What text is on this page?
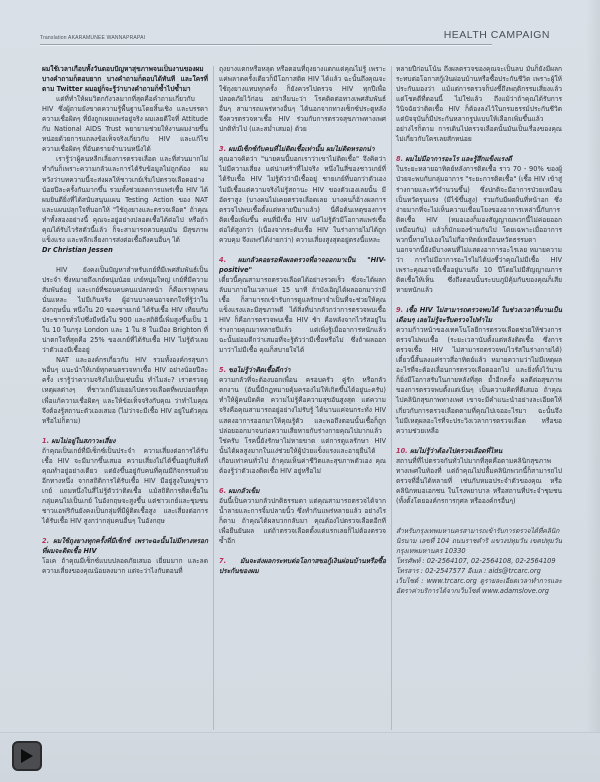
Translation AKARAMUNEE WANNAPRAPAI	HEALTH CAMPAIGN

ผมใช้เวลาเกือบทั้งวันตอบปัญหาสุขภาพจนเป็นงานของผม บางคำถามก็ตอบยาก บางคำถามก็ตอบได้ทันที และใครที่ตาม Twitter ผมอยู่ก็จะรู้ว่าบางคำถามก็ซ้ำไปซ้ำมา

แต่ที่ทำให้ผมวิตกกังวลมากที่สุดคือคำถามเกี่ยวกับ HIV ซึ่งผู้ถามยังขาดความรู้พื้นฐานโดยสิ้นเชิง และบรรดาความเชื่อผิดๆ ที่ยังถูกเผยแพร่อยู่จริง ผมเลยดีใจที่ Attitude กับ National AIDS Trust พยายามช่วยให้งานผมง่ายขึ้นหน่อยด้วยการแถลงข้อเท็จจริงเกี่ยวกับ HIV และแก้ไขความเชื่อผิดๆ ที่อันตรายจำนวนหนึ่งได้

เรารู้ว่าผู้คนหลีกเลี่ยงการตรวจเลือด และที่ส่วนมากไม่ทำกันก็เพราะความกลัวและการได้รับข้อมูลไม่ถูกต้อง ผมหวังว่าบทความนี้จะส่งผลให้ชาวเกย์เริ่มไปตรวจเลือดอย่างน้อยปีละครั้งกันมากขึ้น รวมทั้งช่วยลดการแพร่เชื้อ HIV ได้ ผมยินดียิ่งที่ได้สนับสนุนแผน Testing Action ของ NAT และแผนปลุกใจที่บอกให้ "ใช้ถุงยางและตรวจเลือด" ถ้าคุณทำทั้งสองอย่างนี้ คุณจะอยู่อย่างปลอดเชื้อได้ต่อไป หรือถ้าคุณได้รับไวรัสตัวนี้แล้ว ก็จะสามารถควบคุมมัน มีสุขภาพแข็งแรง และหลีกเลี่ยงการส่งต่อเชื้อถึงคนอื่นๆ ได้

Dr Christian Jessen

HIV ยังคงเป็นปัญหาสำหรับเกย์ที่มีเพศสัมพันธ์เป็นประจำ ซึ่งหมายถึงเกย์หนุ่มน้อย เกย์หนุ่มใหญ่ เกย์ที่มีความสัมพันธ์อยู่ และเกย์ที่ชอบคบคนแปลกหน้า ก็คือเราทุกคนนั่นแหละ ไม่มีเกินจริง ผู้อ่านบางคนอาจตกใจที่รู้ว่าในอังกฤษนั้น หนึ่งใน 20 ของชายเกย์ ได้รับเชื้อ HIV เทียบกับประชากรทั่วไปซึ่งมีหนึ่งใน 900 และสถิตินี้เพิ่มสูงขึ้นเป็น 1 ใน 10 ในกรุง London และ 1 ใน 8 ในเมือง Brighton ที่น่าตกใจที่สุดคือ 25% ของเกย์ที่ได้รับเชื้อ HIV ไม่รู้ตัวเลยว่าตัวเองมีเชื้ออยู่

NAT และองค์กรเกี่ยวกับ HIV รวมทั้งองค์กรสุขภาพอื่นๆ แนะนำให้เกย์ทุกคนตรวจหาเชื้อ HIV อย่างน้อยปีละครั้ง เรารู้ว่าความจริงไม่เป็นเช่นนั้น ทำไมล่ะ? เราตรวจดูเหตุผลต่างๆ ที่ชาวเกย์ไม่ยอมไปตรวจเลือดที่พบบ่อยที่สุด เพื่อแก้ความเชื่อผิดๆ และให้ข้อเท็จจริงกับคุณ ว่าทำไมคุณจึงต้องรู้สถานะตัวเองเสมอ (ไม่ว่าจะมีเชื้อ HIV อยู่ในตัวคุณหรือไม่ก็ตาม)

1. ผมไม่อยู่ในสภาวะเสี่ยง

ถ้าคุณเป็นเกย์ที่มีเซ็กซ์เป็นประจำ ความเสี่ยงต่อการได้รับเชื้อ HIV จะมีมากขึ้นเสมอ ความเสี่ยงไม่ได้ขึ้นอยู่กับสิ่งที่คุณทำอยู่อย่างเดียว แต่ยังขึ้นอยู่กับคนที่คุณมีกิจกรรมด้วยอีกทางหนึ่ง จากสถิติการได้รับเชื้อ HIV มีอยู่สูงในหมู่ชาวเกย์ แถมหนึ่งในสี่ไม่รู้ตัวว่าติดเชื้อ แม้สถิติการติดเชื้อในกลุ่มคนไม่เป็นเกย์ ในอังกฤษจะสูงขึ้น แต่ชาวเกย์และชุมชนชาวแอฟริกันยังคงเป็นกลุ่มที่มีผู้ติดเชื้อสูง และเสี่ยงต่อการได้รับเชื้อ HIV สูงกว่ากลุ่มคนอื่นๆ ในอังกฤษ

2. ผมใช้ถุงยางทุกครั้งที่มีเซ็กซ์ เพราะฉะนั้นไม่มีทางหรอกที่ผมจะติดเชื้อ HIV

โอเค ถ้าคุณมีเซ็กซ์แบบปลอดภัยเสมอ เยี่ยมมาก และลดความเสี่ยงของคุณน้อยลงมาก แต่จะว่าไงกับตอนที่

ถุงยางแตกหรือหลุด หรือตอนที่ถุงยางแตกแต่คุณไม่รู้ เพราะแค่พลาดครั้งเดียวก็มีโอกาสติด HIV ได้แล้ว ฉะนั้นถึงคุณจะใช้ถุงยางแทบทุกครั้ง ก็ยังควรไปตรวจ HIV ทุกปีเพื่อปลอดภัยไว้ก่อน อย่าลืมนะว่า โรคติดต่อทางเพศสัมพันธ์อื่นๆ สามารถแพร่ทางอื่นๆ ได้นอกจากทางเซ็กซ์ประตูหลัง จึงควรตรวจหาเชื้อ HIV ร่วมกับการตรวจสุขภาพทางเพศปกติทั่วไป (และสม่ำเสมอ) ด้วย

3. ผมมีเซ็กซ์กับคนที่ไม่ติดเชื้อเท่านั้น ผมไม่ติดหรอกน่า

คุณอาจคิดว่า "นายคนนี้บอกเราว่าเขาไม่ติดเชื้อ" จึงคิดว่าไม่มีความเสี่ยง แต่น่าเศร้าที่ไม่จริง หนึ่งในสี่ของชาวเกย์ที่ได้รับเชื้อ HIV ไม่รู้ตัวว่ามีเชื้ออยู่ ชายเกย์ที่บอกว่าตัวเองไม่มีเชื้อแต่ความจริงไม่รู้สถานะ HIV ของตัวเองเลยนั้น มีอัตราสูง (บางคนไม่เคยตรวจเลือดเลย บางคนก็อ้างผลการตรวจไปพบเชื้อตั้งแต่หลายปีมาแล้ว) นี่คือต้นเหตุของการติดเชื้อเพิ่มขึ้น คนที่มีเชื้อ HIV แต่ไม่รู้ตัวมีโอกาสแพร่เชื้อต่อได้สูงกว่า (เนื่องจากระดับเชื้อ HIV ในร่างกายไม่ได้ถูกควบคุม จึงแพร่ได้ง่ายกว่า) ความเสี่ยงสูงสุดอยู่ตรงนี้แหละ

4. ผมกลัวคอยรอฟังผลตรวจที่อาจออกมาเป็น "HIV-positive"

เดี๋ยวนี้คุณสามารถตรวจเลือดได้อย่างรวดเร็ว ซึ่งจะได้ผลกลับมาภายในเวลาแค่ 15 นาที ถ้าบังเอิญได้ผลออกมาว่ามีเชื้อ ก็สามารถเข้ารับการดูแลรักษาจำเป็นที่จะช่วยให้คุณแข็งแรงและมีสุขภาพดี ได้สิ่งที่น่ากลัวกว่าการตรวจพบเชื้อ HIV ก็คือการตรวจพบเชื้อ HIV ช้า คือหลังจากไวรัสอยู่ในร่างกายคุณมาหลายปีแล้ว แต่เพิ่งรู้เมื่ออาการหนักแล้ว ฉะนั้นย่อมดีกว่าเสมอที่จะรู้ตัวว่ามีเชื้อหรือไม่ ซึ่งถ้าผลออกมาว่าไม่มีเชื้อ คุณก็สบายใจได้

5. ขอไม่รู้ว่าติดเชื้อดีกว่า

ความกลัวที่จะต้องบอกเพื่อน ครอบครัว คู่รัก หรือกลัวตกงาน (อันนี้มีกฎหมายคุ้มครองไม่ให้เกิดขึ้นได้อยู่นะครับ) ทำให้ผู้คนบิดคิด ความไม่รู้คือความสุขอันสูงสุด แต่ความจริงคือคุณสามารถอยู่อย่างไม่รับรู้ ได้นานแค่จนกระทั่ง HIV แสดงอาการออกมาให้คุณรู้ตัว และพอถึงตอนนั้นเชื้อก็ถูกปล่อยออกมาจนก่อความเสียหายกับร่างกายคุณไปมากแล้ว ใช่ครับ โรคนี้ยังรักษาไม่หายขาด แต่การดูแลรักษา HIV นั้นได้ผลสูงมากในแง่ช่วยให้ผู้ป่วยแข็งแรงและอายุยืนได้เกือบเท่าคนทั่วไป ถ้าคุณเห็นค่าชีวิตและสุขภาพตัวเอง คุณต้องรู้ว่าตัวเองติดเชื้อ HIV อยู่หรือไม่

6. ผมกลัวเข็ม

อันนี้เป็นความกลัวปกติธรรมดา แต่คุณสามารถตรวจได้จากน้ำลายและการจิ้มปลายนิ้ว ซึ่งทำกันแพร่หลายแล้ว อย่างไรก็ตาม ถ้าคุณได้ผลบวกกลับมา คุณต้องไปตรวจเลือดอีกทีเพื่อยืนยันผล แต่ถ้าตรวจเลือดตั้งแต่แรกเลยก็ไม่ต้องตรวจซ้ำอีก

7. มันจะส่งผลกระทบต่อโอกาสขอกู้เงินผ่อนบ้านหรือซื้อประกันของผม

หลายปีก่อนโน้น ถึงผลตรวจของคุณจะเป็นลบ มันก็ยังมีผลกระทบต่อโอกาสกู้เงินผ่อนบ้านหรือซื้อประกันชีวิต เพราะผู้ให้ประกันมองว่า แม้แต่การตรวจก็บ่งชี้ถึงพฤติกรรมเสี่ยงแล้ว แต่โชคดีที่ตอนนี้ ไม่ใช่แล้ว ถึงแม้ว่าถ้าคุณได้รับการวินิจฉัยว่าติดเชื้อ HIV ก็ต้องลงไว้ในกรมธรรม์ประกันชีวิต แต่ปัจจุบันก็มีประกันหลากรูปแบบให้เลือกเพิ่มขึ้นแล้ว อย่างไรก็ตาม การเดินไปตรวจเลือดนั้นมันเป็นเรื่องของคุณ ไม่เกี่ยวกับใครเลยสักหน่อย

8. ผมไม่มีอาการอะไร และรู้สึกแข็งแรงดี

ในระยะหลายอาทิตย์หลังการติดเชื้อ ราว 70 - 90% ของผู้ป่วยจะพบกับกลุ่มอาการ "ระยะการติดเชื้อ" (เชื้อ HIV เข้าสู่ร่างกายและทวีจำนวนขึ้น) ซึ่งปกติจะมีอาการป่วยเหมือนเป็นหวัดรุนแรง (มีไข้ขึ้นสูง) ร่วมกับมีผดผื่นที่หน้าอก ซึ่งง่ายมากที่จะไม่เห็นความเชื่อมโยงของอาการเหล่านี้กับการติดเชื้อ HIV (หมอเองก็มองสัญญาณพวกนี้ไม่ค่อยออกเหมือนกัน) แล้วก็มักมองข้ามกันไป โดยเฉพาะเมื่ออาการพวกนี้หายไปเองในไม่กี่อาทิตย์เหมือนหวัดธรรมดา นอกจากนี้ยังมีบางคนที่ไม่แสดงอาการอะไรเลย หมายความว่า การไม่มีอาการอะไรไม่ได้บ่งชี้ว่าคุณไม่มีเชื้อ HIV เพราะคุณอาจมีเชื้ออยู่นานถึง 10 ปีโดยไม่มีสัญญาณการติดเชื้อให้เห็น ซึ่งถึงตอนนั้นระบบภูมิคุ้มกันของคุณก็เสียหายหนักแล้ว

9. เชื้อ HIV ไม่สามารถตรวจพบได้ ในช่วงเวลาที่นานเป็นเดือนๆ เลยไม่รู้จะรีบตรวจไปทำไม

ความก้าวหน้าของเทคโนโลยีการตรวจเลือดช่วยให้ช่วงการตรวจไม่พบเชื้อ (ระยะเวลานับตั้งแต่หลังติดเชื้อ ซึ่งการตรวจเชื้อ HIV ไม่สามารถตรวจพบไวรัสในร่างกายได้) เดี๋ยวนี้สั้นลงแค่ราวสี่อาทิตย์แล้ว หมายความว่าไม่มีเหตุผลอะไรที่จะต้องเลื่อนการตรวจเลือดออกไป และยิ่งทิ้งไว้นาน ก็ยิ่งมีโอกาสรับในภายหลังที่สุด ย้ำอีกครั้ง ผลดีต่อสุขภาพของการตรวจพบตั้งแต่เนิ่นๆ เป็นความคิดที่ดีเสมอ ถ้าคุณไปคลินิกสุขภาพทางเพศ เขาจะมีคำแนะนำอย่างละเอียดให้เกี่ยวกับการตรวจเลือดตามที่คุณไปเจออะไรมา ฉะนั้นจึงไม่มีเหตุผลอะไรที่จะประวิงเวลาการตรวจเลือด หรือขอความช่วยเหลือ

10. ผมไม่รู้ว่าต้องไปตรวจเลือดที่ไหน

สถานที่ที่ไปตรวจกันทั่วไปมากที่สุดคือตามคลินิกสุขภาพทางเพศในท้องที่ แต่ถ้าคุณไม่ปลื้มคลินิกพวกนี้ก็สามารถไปตรวจที่อื่นได้หลายที่ เช่นกับหมอประจำตัวของคุณ หรือคลินิกหมอเอกชน ในโรงพยาบาล หรือสถานที่ประจำชุมชน (ทั้งตั้งโดยองค์กรการกุศล หรือองค์กรอื่นๆ)

สำหรับกรุงเทพมหานครสามารถเข้ารับการตรวจได้ที่คลินิกนิรนาม เลขที่ 104 ถนนราชดำริ แขวงปทุมวัน เขตปทุมวัน กรุงเทพมหานคร 10330

โทรศัพท์ : 02-2564107, 02-2564108, 02-2564109

โทรสาร : 02-2547577 อีเมล : aids@trcarc.org

เว็บไซต์ : www.trcarc.org ดูรายละเอียดเวลาทำการและอัตราค่าบริการได้จากเว็บไซต์ www.adamslove.org
